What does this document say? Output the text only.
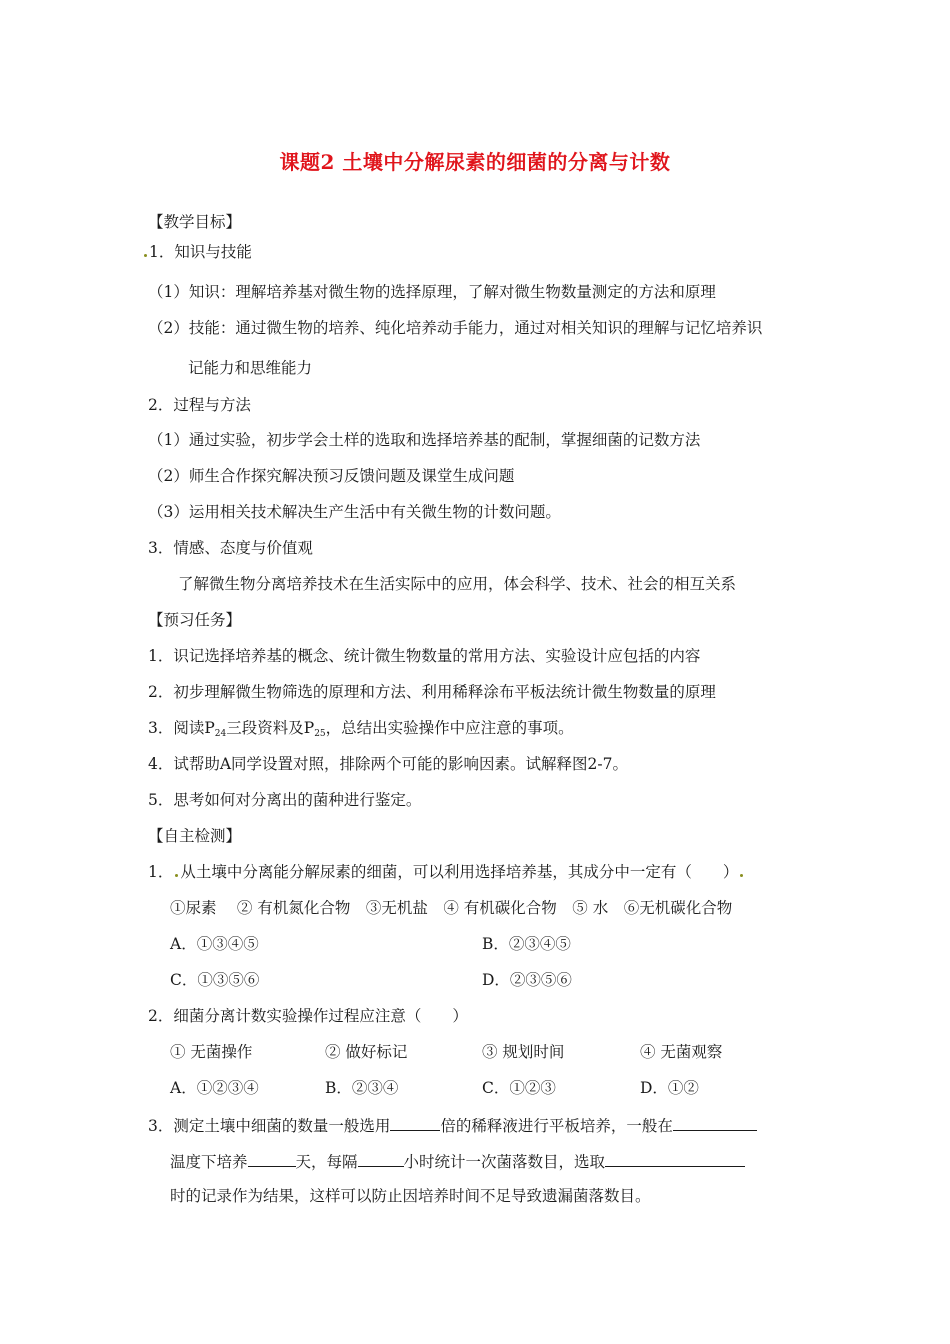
课题2 土壤中分解尿素的细菌的分离与计数
【教学目标】
1．知识与技能
（1）知识：理解培养基对微生物的选择原理，了解对微生物数量测定的方法和原理
（2）技能：通过微生物的培养、纯化培养动手能力，通过对相关知识的理解与记忆培养识
记能力和思维能力
2．过程与方法
（1）通过实验，初步学会土样的选取和选择培养基的配制，掌握细菌的记数方法
（2）师生合作探究解决预习反馈问题及课堂生成问题
（3）运用相关技术解决生产生活中有关微生物的计数问题。
3．情感、态度与价值观
了解微生物分离培养技术在生活实际中的应用，体会科学、技术、社会的相互关系
【预习任务】
1．识记选择培养基的概念、统计微生物数量的常用方法、实验设计应包括的内容
2．初步理解微生物筛选的原理和方法、利用稀释涂布平板法统计微生物数量的原理
3．阅读$P_{24}$三段资料及$P_{25}$，总结出实验操作中应注意的事项。
4．试帮助A同学设置对照，排除两个可能的影响因素。试解释图2-7。
5．思考如何对分离出的菌种进行鉴定。
【自主检测】
1． 从土壤中分离能分解尿素的细菌，可以利用选择培养基，其成分中一定有（　　）
①尿素　 ② 有机氮化合物　③无机盐　④ 有机碳化合物　⑤ 水　⑥无机碳化合物
A．①③④⑤	B．②③④⑤
C．①③⑤⑥	D．②③⑤⑥
2．细菌分离计数实验操作过程应注意（　　）
① 无菌操作	② 做好标记	③ 规划时间	④ 无菌观察
A．①②③④	B．②③④	C．①②③	D．①②
3．测定土壤中细菌的数量一般选用	倍的稀释液进行平板培养，一般在
温度下培养	天，每隔	小时统计一次菌落数目，选取
时的记录作为结果，这样可以防止因培养时间不足导致遗漏菌落数目。
